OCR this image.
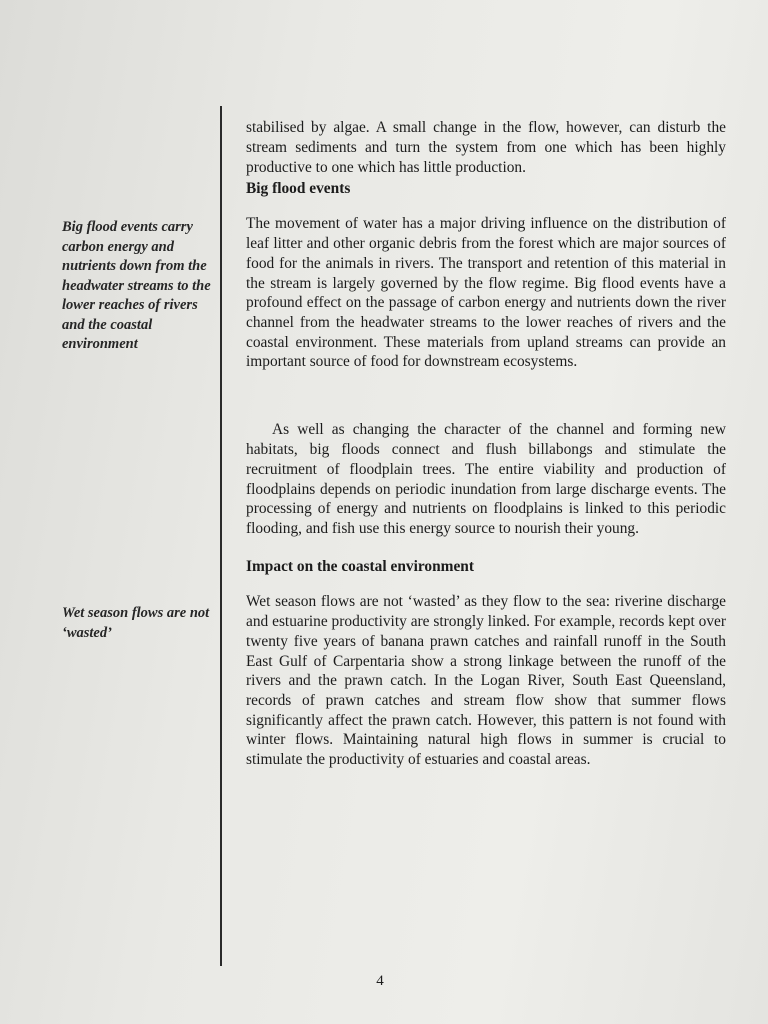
Big flood events carry carbon energy and nutrients down from the headwater streams to the lower reaches of rivers and the coastal environment
Wet season flows are not ‘wasted’

stabilised by algae. A small change in the flow, however, can disturb the stream sediments and turn the system from one which has been highly productive to one which has little production.

Big flood events

The movement of water has a major driving influence on the distribution of leaf litter and other organic debris from the forest which are major sources of food for the animals in rivers. The transport and retention of this material in the stream is largely governed by the flow regime. Big flood events have a profound effect on the passage of carbon energy and nutrients down the river channel from the headwater streams to the lower reaches of rivers and the coastal environment. These materials from upland streams can provide an important source of food for downstream ecosystems.

As well as changing the character of the channel and forming new habitats, big floods connect and flush billabongs and stimulate the recruitment of floodplain trees. The entire viability and production of floodplains depends on periodic inundation from large discharge events. The processing of energy and nutrients on floodplains is linked to this periodic flooding, and fish use this energy source to nourish their young.

Impact on the coastal environment

Wet season flows are not ‘wasted’ as they flow to the sea: riverine discharge and estuarine productivity are strongly linked. For example, records kept over twenty five years of banana prawn catches and rainfall runoff in the South East Gulf of Carpentaria show a strong linkage between the runoff of the rivers and the prawn catch. In the Logan River, South East Queensland, records of prawn catches and stream flow show that summer flows significantly affect the prawn catch. However, this pattern is not found with winter flows. Maintaining natural high flows in summer is crucial to stimulate the productivity of estuaries and coastal areas.

4
